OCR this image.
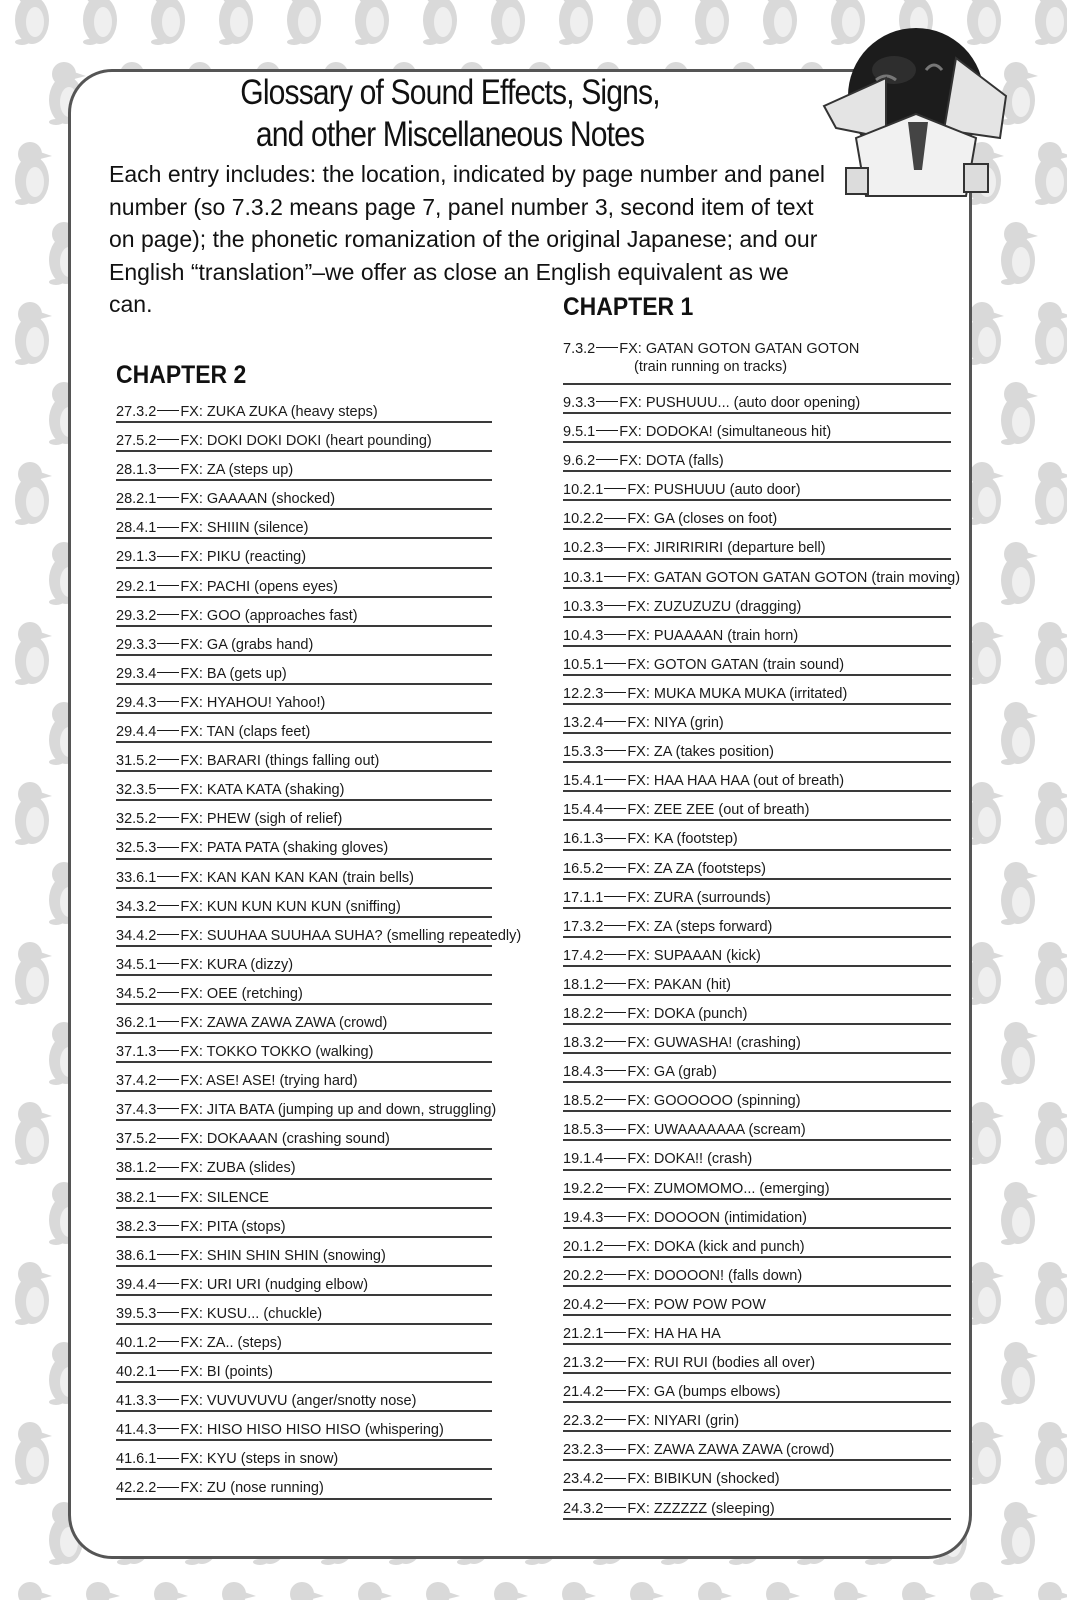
Glossary of Sound Effects, Signs,
and other Miscellaneous Notes

Each entry includes: the location, indicated by page number and panel
number (so 7.3.2 means page 7, panel number 3, second item of text
on page); the phonetic romanization of the original Japanese; and our
English “translation”–we offer as close an English equivalent as we can.

CHAPTER 2
27.3.2 FX: ZUKA ZUKA (heavy steps)
27.5.2 FX: DOKI DOKI DOKI (heart pounding)
28.1.3 FX: ZA (steps up)
28.2.1 FX: GAAAAN (shocked)
28.4.1 FX: SHIIIN (silence)
29.1.3 FX: PIKU (reacting)
29.2.1 FX: PACHI (opens eyes)
29.3.2 FX: GOO (approaches fast)
29.3.3 FX: GA (grabs hand)
29.3.4 FX: BA (gets up)
29.4.3 FX: HYAHOU! Yahoo!)
29.4.4 FX: TAN (claps feet)
31.5.2 FX: BARARI (things falling out)
32.3.5 FX: KATA KATA (shaking)
32.5.2 FX: PHEW (sigh of relief)
32.5.3 FX: PATA PATA (shaking gloves)
33.6.1 FX: KAN KAN KAN KAN (train bells)
34.3.2 FX: KUN KUN KUN KUN (sniffing)
34.4.2 FX: SUUHAA SUUHAA SUHA? (smelling repeatedly)
34.5.1 FX: KURA (dizzy)
34.5.2 FX: OEE (retching)
36.2.1 FX: ZAWA ZAWA ZAWA (crowd)
37.1.3 FX: TOKKO TOKKO (walking)
37.4.2 FX: ASE! ASE! (trying hard)
37.4.3 FX: JITA BATA (jumping up and down, struggling)
37.5.2 FX: DOKAAAN (crashing sound)
38.1.2 FX: ZUBA (slides)
38.2.1 FX: SILENCE
38.2.3 FX: PITA (stops)
38.6.1 FX: SHIN SHIN SHIN (snowing)
39.4.4 FX: URI URI (nudging elbow)
39.5.3 FX: KUSU... (chuckle)
40.1.2 FX: ZA.. (steps)
40.2.1 FX: BI (points)
41.3.3 FX: VUVUVUVU (anger/snotty nose)
41.4.3 FX: HISO HISO HISO HISO (whispering)
41.6.1 FX: KYU (steps in snow)
42.2.2 FX: ZU (nose running)
CHAPTER 1
7.3.2 FX: GATAN GOTON GATAN GOTON
(train running on tracks)
9.3.3 FX: PUSHUUU... (auto door opening)
9.5.1 FX: DODOKA! (simultaneous hit)
9.6.2 FX: DOTA (falls)
10.2.1 FX: PUSHUUU (auto door)
10.2.2 FX: GA (closes on foot)
10.2.3 FX: JIRIRIRIRI (departure bell)
10.3.1 FX: GATAN GOTON GATAN GOTON (train moving)
10.3.3 FX: ZUZUZUZU (dragging)
10.4.3 FX: PUAAAAN (train horn)
10.5.1 FX: GOTON GATAN (train sound)
12.2.3 FX: MUKA MUKA MUKA (irritated)
13.2.4 FX: NIYA (grin)
15.3.3 FX: ZA (takes position)
15.4.1 FX: HAA HAA HAA (out of breath)
15.4.4 FX: ZEE ZEE (out of breath)
16.1.3 FX: KA (footstep)
16.5.2 FX: ZA ZA (footsteps)
17.1.1 FX: ZURA (surrounds)
17.3.2 FX: ZA (steps forward)
17.4.2 FX: SUPAAAN (kick)
18.1.2 FX: PAKAN (hit)
18.2.2 FX: DOKA (punch)
18.3.2 FX: GUWASHA! (crashing)
18.4.3 FX: GA (grab)
18.5.2 FX: GOOOOOO (spinning)
18.5.3 FX: UWAAAAAAA (scream)
19.1.4 FX: DOKA!! (crash)
19.2.2 FX: ZUMOMOMO... (emerging)
19.4.3 FX: DOOOON (intimidation)
20.1.2 FX: DOKA (kick and punch)
20.2.2 FX: DOOOON! (falls down)
20.4.2 FX: POW POW POW
21.2.1 FX: HA HA HA
21.3.2 FX: RUI RUI (bodies all over)
21.4.2 FX: GA (bumps elbows)
22.3.2 FX: NIYARI (grin)
23.2.3 FX: ZAWA ZAWA ZAWA (crowd)
23.4.2 FX: BIBIKUN (shocked)
24.3.2 FX: ZZZZZZ (sleeping)
